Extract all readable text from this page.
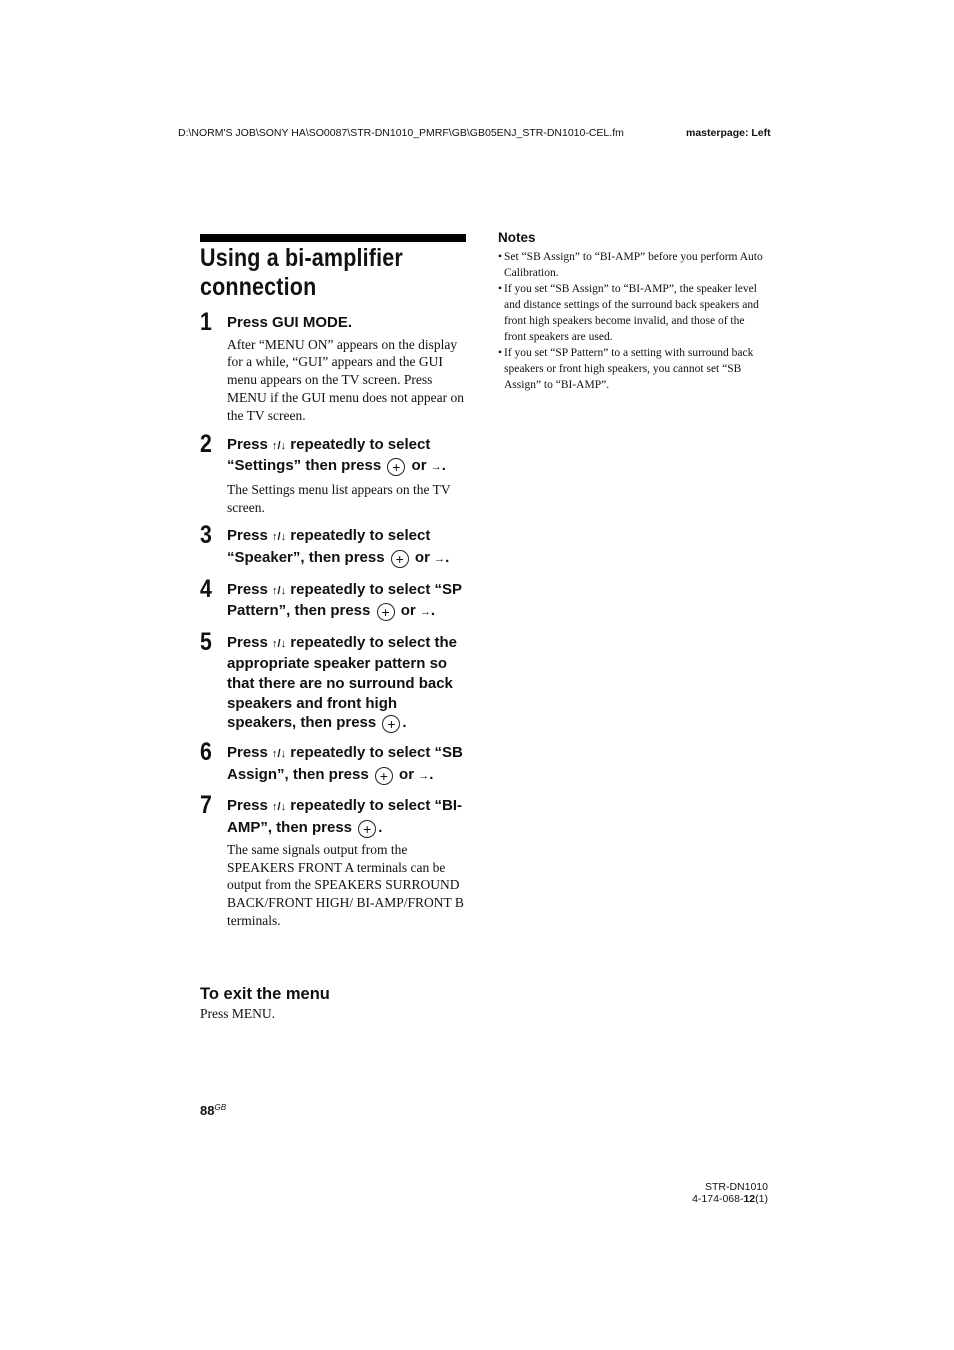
D:\NORM'S JOB\SONY HA\SO0087\STR-DN1010_PMRF\GB\GB05ENJ_STR-DN1010-CEL.fm	masterpage: Left
Using a bi-amplifier
connection
1 Press GUI MODE.
After “MENU ON” appears on the display for a while, “GUI” appears and the GUI menu appears on the TV screen. Press MENU if the GUI menu does not appear on the TV screen.
2 Press ↑/↓ repeatedly to select “Settings” then press + or →.
The Settings menu list appears on the TV screen.
3 Press ↑/↓ repeatedly to select “Speaker”, then press + or →.
4 Press ↑/↓ repeatedly to select “SP Pattern”, then press + or →.
5 Press ↑/↓ repeatedly to select the appropriate speaker pattern so that there are no surround back speakers and front high speakers, then press + .
6 Press ↑/↓ repeatedly to select “SB Assign”, then press + or →.
7 Press ↑/↓ repeatedly to select “BI-AMP”, then press + .
The same signals output from the SPEAKERS FRONT A terminals can be output from the SPEAKERS SURROUND BACK/FRONT HIGH/ BI-AMP/FRONT B terminals.
To exit the menu
Press MENU.
Notes

• Set “SB Assign” to “BI-AMP” before you perform Auto Calibration.

• If you set “SB Assign” to “BI-AMP”, the speaker level and distance settings of the surround back speakers and front high speakers become invalid, and those of the front speakers are used.

• If you set “SP Pattern” to a setting with surround back speakers or front high speakers, you cannot set “SB Assign” to “BI-AMP”.

$88^{GB}$
STR-DN1010
4-174-068-12(1)
